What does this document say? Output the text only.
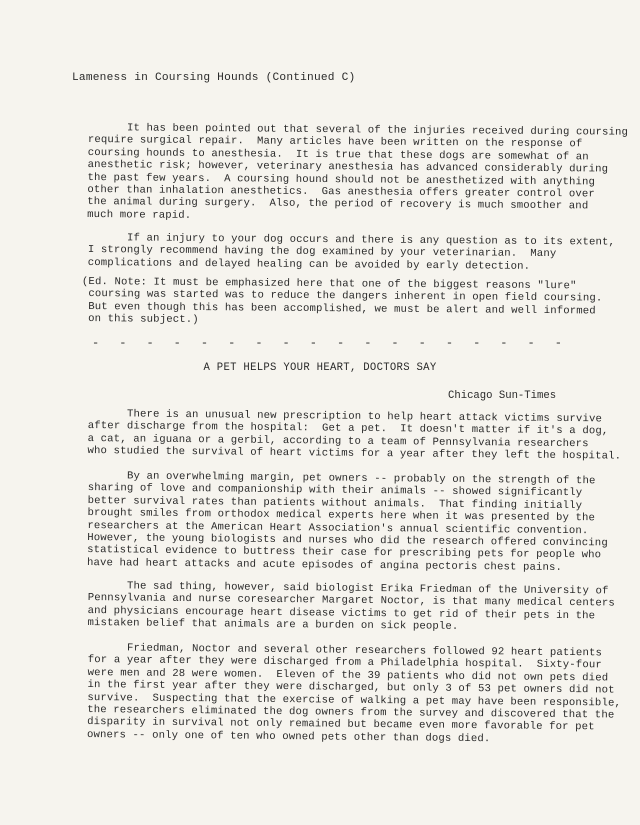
Lameness in Coursing Hounds (Continued C)
It has been pointed out that several of the injuries received during coursing
require surgical repair.  Many articles have been written on the response of
coursing hounds to anesthesia.  It is true that these dogs are somewhat of an
anesthetic risk; however, veterinary anesthesia has advanced considerably during
the past few years.  A coursing hound should not be anesthetized with anything
other than inhalation anesthetics.  Gas anesthesia offers greater control over
the animal during surgery.  Also, the period of recovery is much smoother and
much more rapid.
If an injury to your dog occurs and there is any question as to its extent,
I strongly recommend having the dog examined by your veterinarian.  Many
complications and delayed healing can be avoided by early detection.
(Ed. Note: It must be emphasized here that one of the biggest reasons "lure"
coursing was started was to reduce the dangers inherent in open field coursing.
But even though this has been accomplished, we must be alert and well informed
on this subject.)
- - - - - - - - - - - - - - - - - -
A PET HELPS YOUR HEART, DOCTORS SAY
Chicago Sun-Times
There is an unusual new prescription to help heart attack victims survive
after discharge from the hospital:  Get a pet.  It doesn't matter if it's a dog,
a cat, an iguana or a gerbil, according to a team of Pennsylvania researchers
who studied the survival of heart victims for a year after they left the hospital.
By an overwhelming margin, pet owners -- probably on the strength of the
sharing of love and companionship with their animals -- showed significantly
better survival rates than patients without animals.  That finding initially
brought smiles from orthodox medical experts here when it was presented by the
researchers at the American Heart Association's annual scientific convention.
However, the young biologists and nurses who did the research offered convincing
statistical evidence to buttress their case for prescribing pets for people who
have had heart attacks and acute episodes of angina pectoris chest pains.
The sad thing, however, said biologist Erika Friedman of the University of
Pennsylvania and nurse coresearcher Margaret Noctor, is that many medical centers
and physicians encourage heart disease victims to get rid of their pets in the
mistaken belief that animals are a burden on sick people.
Friedman, Noctor and several other researchers followed 92 heart patients
for a year after they were discharged from a Philadelphia hospital.  Sixty-four
were men and 28 were women.  Eleven of the 39 patients who did not own pets died
in the first year after they were discharged, but only 3 of 53 pet owners did not
survive.  Suspecting that the exercise of walking a pet may have been responsible,
the researchers eliminated the dog owners from the survey and discovered that the
disparity in survival not only remained but became even more favorable for pet
owners -- only one of ten who owned pets other than dogs died.
